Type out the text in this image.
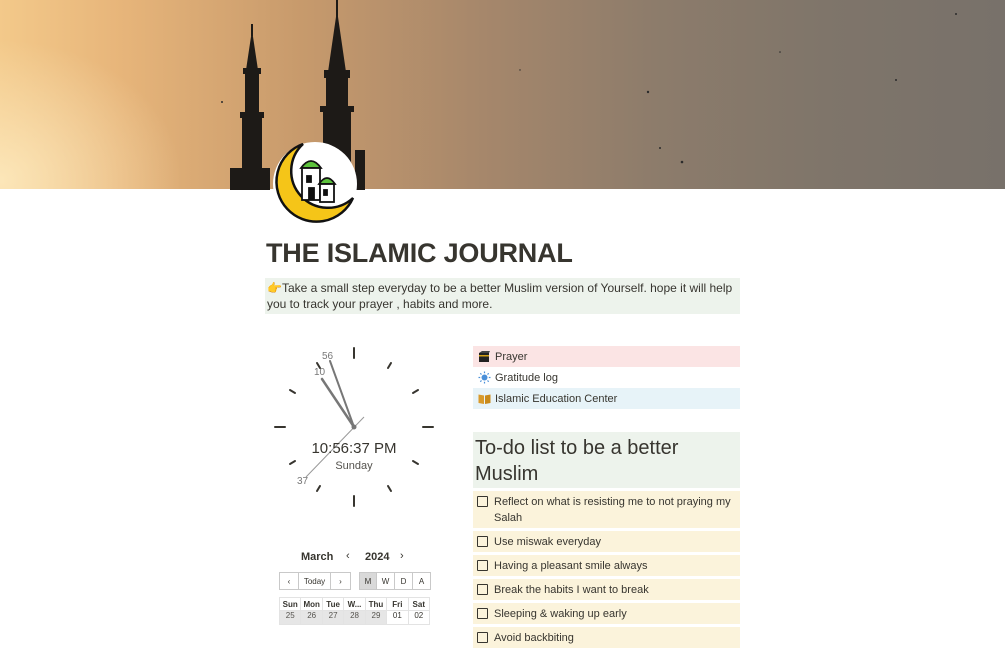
THE ISLAMIC JOURNAL
👉Take a small step everyday to be a better Muslim version of Yourself. hope it will help you to track your prayer , habits and more.
56
10
37
10:56:37 PM
Sunday
March ‹ 2024 ›
‹	Today	›	M	W	D	A
Sun	Mon	Tue	W...	Thu	Fri	Sat
25	26	27	28	29	01	02
Prayer
Gratitude log
Islamic Education Center
To-do list to be a better Muslim
Reflect on what is resisting me to not praying my Salah
Use miswak everyday
Having a pleasant smile always
Break the habits I want to break
Sleeping & waking up early
Avoid backbiting
